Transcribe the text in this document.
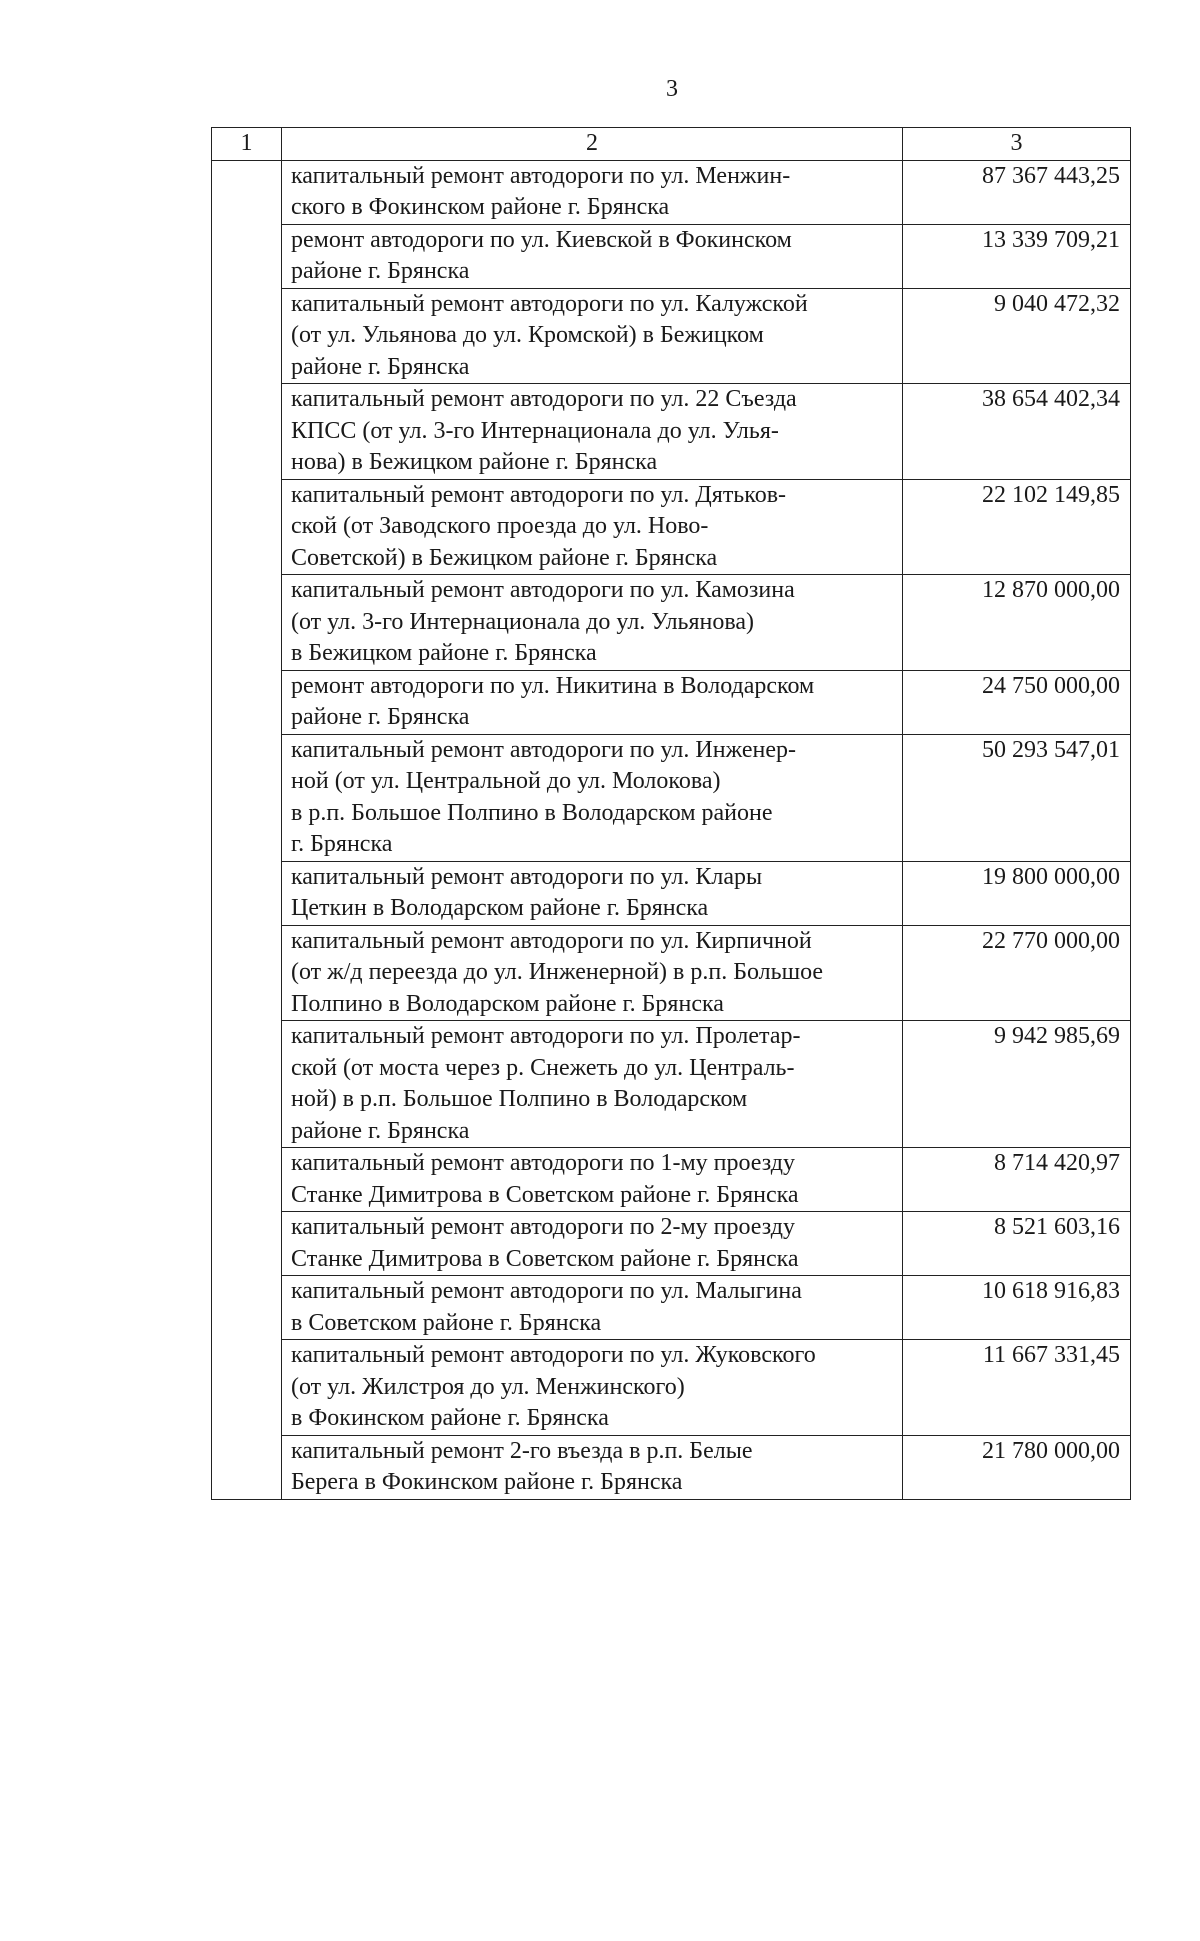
3
1	2	3

	капитальный ремонт автодороги по ул. Менжин-
ского в Фокинском районе г. Брянска	87 367 443,25

	ремонт автодороги по ул. Киевской в Фокинском
районе г. Брянска	13 339 709,21

	капитальный ремонт автодороги по ул. Калужской
(от ул. Ульянова до ул. Кромской) в Бежицком
районе г. Брянска	9 040 472,32

	капитальный ремонт автодороги по ул. 22 Съезда
КПСС (от ул. 3-го Интернационала до ул. Улья-
нова) в Бежицком районе г. Брянска	38 654 402,34

	капитальный ремонт автодороги по ул. Дятьков-
ской (от Заводского проезда до ул. Ново-
Советской) в Бежицком районе г. Брянска	22 102 149,85

	капитальный ремонт автодороги по ул. Камозина
(от ул. 3-го Интернационала до ул. Ульянова)
в Бежицком районе г. Брянска	12 870 000,00

	ремонт автодороги по ул. Никитина в Володарском
районе г. Брянска	24 750 000,00

	капитальный ремонт автодороги по ул. Инженер-
ной (от ул. Центральной до ул. Молокова)
в р.п. Большое Полпино в Володарском районе
г. Брянска	50 293 547,01

	капитальный ремонт автодороги по ул. Клары
Цеткин в Володарском районе г. Брянска	19 800 000,00

	капитальный ремонт автодороги по ул. Кирпичной
(от ж/д переезда до ул. Инженерной) в р.п. Большое
Полпино в Володарском районе г. Брянска	22 770 000,00

	капитальный ремонт автодороги по ул. Пролетар-
ской (от моста через р. Снежеть до ул. Централь-
ной) в р.п. Большое Полпино в Володарском
районе г. Брянска	9 942 985,69

	капитальный ремонт автодороги по 1-му проезду
Станке Димитрова в Советском районе г. Брянска	8 714 420,97

	капитальный ремонт автодороги по 2-му проезду
Станке Димитрова в Советском районе г. Брянска	8 521 603,16

	капитальный ремонт автодороги по ул. Малыгина
в Советском районе г. Брянска	10 618 916,83

	капитальный ремонт автодороги по ул. Жуковского
(от ул. Жилстроя до ул. Менжинского)
в Фокинском районе г. Брянска	11 667 331,45

	капитальный ремонт 2-го въезда в р.п. Белые
Берега в Фокинском районе г. Брянска	21 780 000,00
